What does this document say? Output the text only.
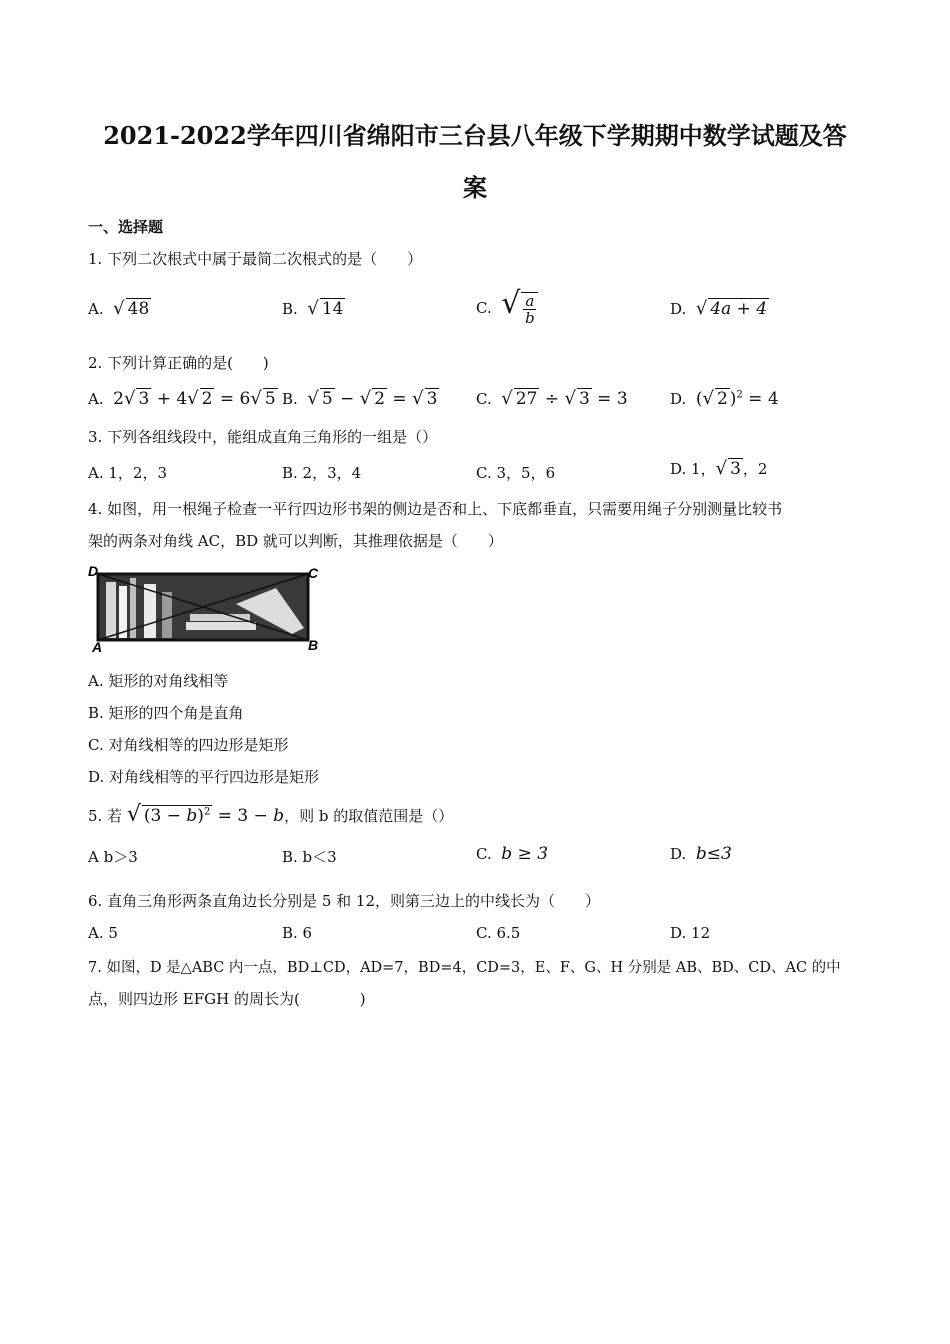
2021-2022学年四川省绵阳市三台县八年级下学期期中数学试题及答
案
一、选择题
1. 下列二次根式中属于最简二次根式的是（　　）
A. √ 48	B. √ 14	C. √ $\frac{a}{b}$	D. √ 4a + 4
2. 下列计算正确的是(　　)
A. 2√ 3 + 4√ 2 = 6√ 5 B. √ 5 − √ 2 = √ 3	C. √ 27 ÷ √ 3 = 3	D. (√ 2 )$^2$ = 4
3. 下列各组线段中，能组成直角三角形的一组是（）
A. 1，2，3	B. 2，3，4	C. 3，5，6	D. 1，√ 3 ，2
4. 如图，用一根绳子检查一平行四边形书架的侧边是否和上、下底都垂直，只需要用绳子分别测量比较书
架的两条对角线 AC，BD 就可以判断，其推理依据是（　　）
D	C
A	B
A. 矩形的对角线相等
B. 矩形的四个角是直角
C. 对角线相等的四边形是矩形
D. 对角线相等的平行四边形是矩形
5. 若 √ $(3 - b)^2 = 3 - b$，则 b 的取值范围是（）
A b＞3	B. b＜3	C. b ≥ 3	D. b≤3
6. 直角三角形两条直角边长分别是 5 和 12，则第三边上的中线长为（　　）
A. 5	B. 6	C. 6.5	D. 12
7. 如图，D 是△ABC 内一点，BD⊥CD，AD=7，BD=4，CD=3，E、F、G、H 分别是 AB、BD、CD、AC 的中
点，则四边形 EFGH 的周长为(　　　　)
